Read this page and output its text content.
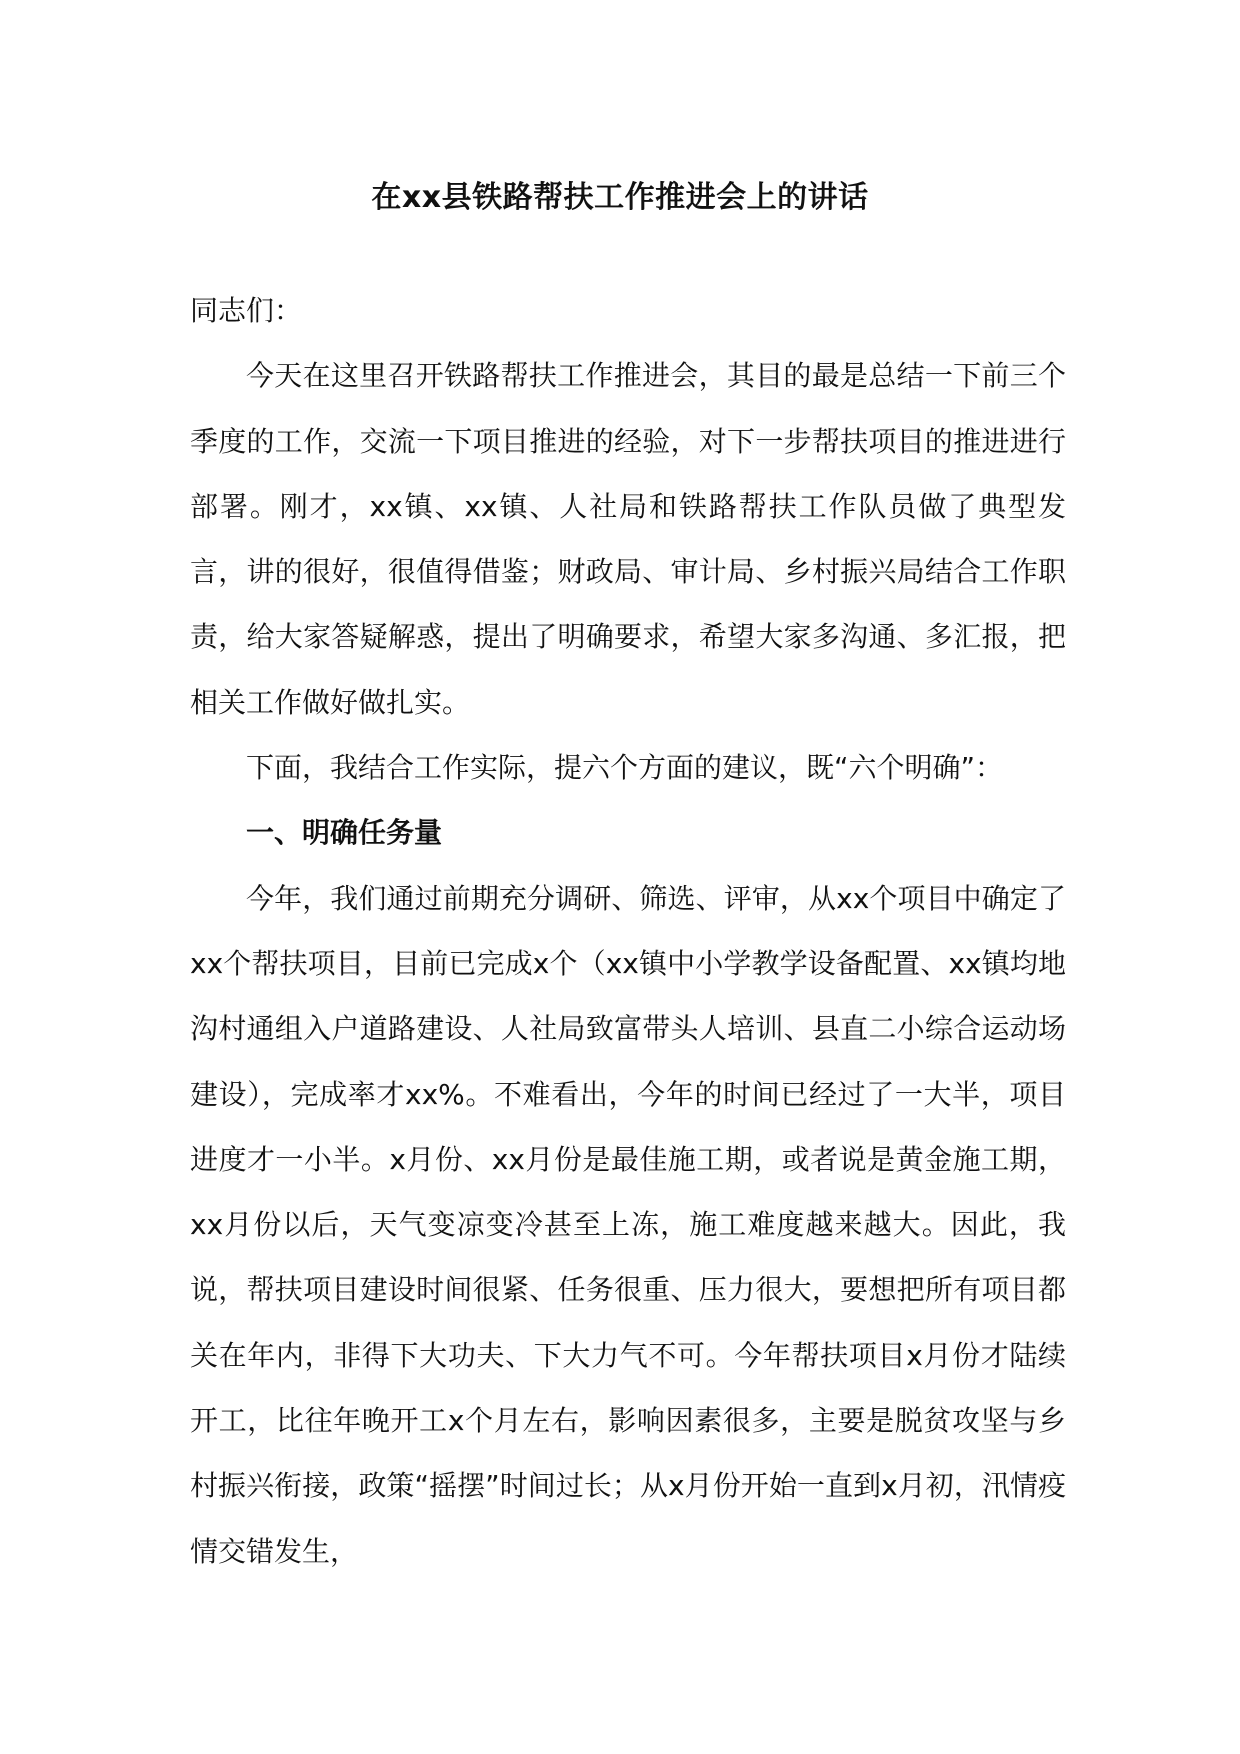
在xx县铁路帮扶工作推进会上的讲话

同志们：

今天在这里召开铁路帮扶工作推进会，其目的最是总结一下前三个季度的工作，交流一下项目推进的经验，对下一步帮扶项目的推进进行部署。刚才，xx镇、xx镇、人社局和铁路帮扶工作队员做了典型发言，讲的很好，很值得借鉴；财政局、审计局、乡村振兴局结合工作职责，给大家答疑解惑，提出了明确要求，希望大家多沟通、多汇报，把相关工作做好做扎实。

下面，我结合工作实际，提六个方面的建议，既“六个明确”：

一、明确任务量

今年，我们通过前期充分调研、筛选、评审，从xx个项目中确定了xx个帮扶项目，目前已完成x个（xx镇中小学教学设备配置、xx镇均地沟村通组入户道路建设、人社局致富带头人培训、县直二小综合运动场建设），完成率才xx%。不难看出，今年的时间已经过了一大半，项目进度才一小半。x月份、xx月份是最佳施工期，或者说是黄金施工期，xx月份以后，天气变凉变冷甚至上冻，施工难度越来越大。因此，我说，帮扶项目建设时间很紧、任务很重、压力很大，要想把所有项目都关在年内，非得下大功夫、下大力气不可。今年帮扶项目x月份才陆续开工，比往年晚开工x个月左右，影响因素很多，主要是脱贫攻坚与乡村振兴衔接，政策“摇摆”时间过长；从x月份开始一直到x月初，汛情疫情交错发生，
